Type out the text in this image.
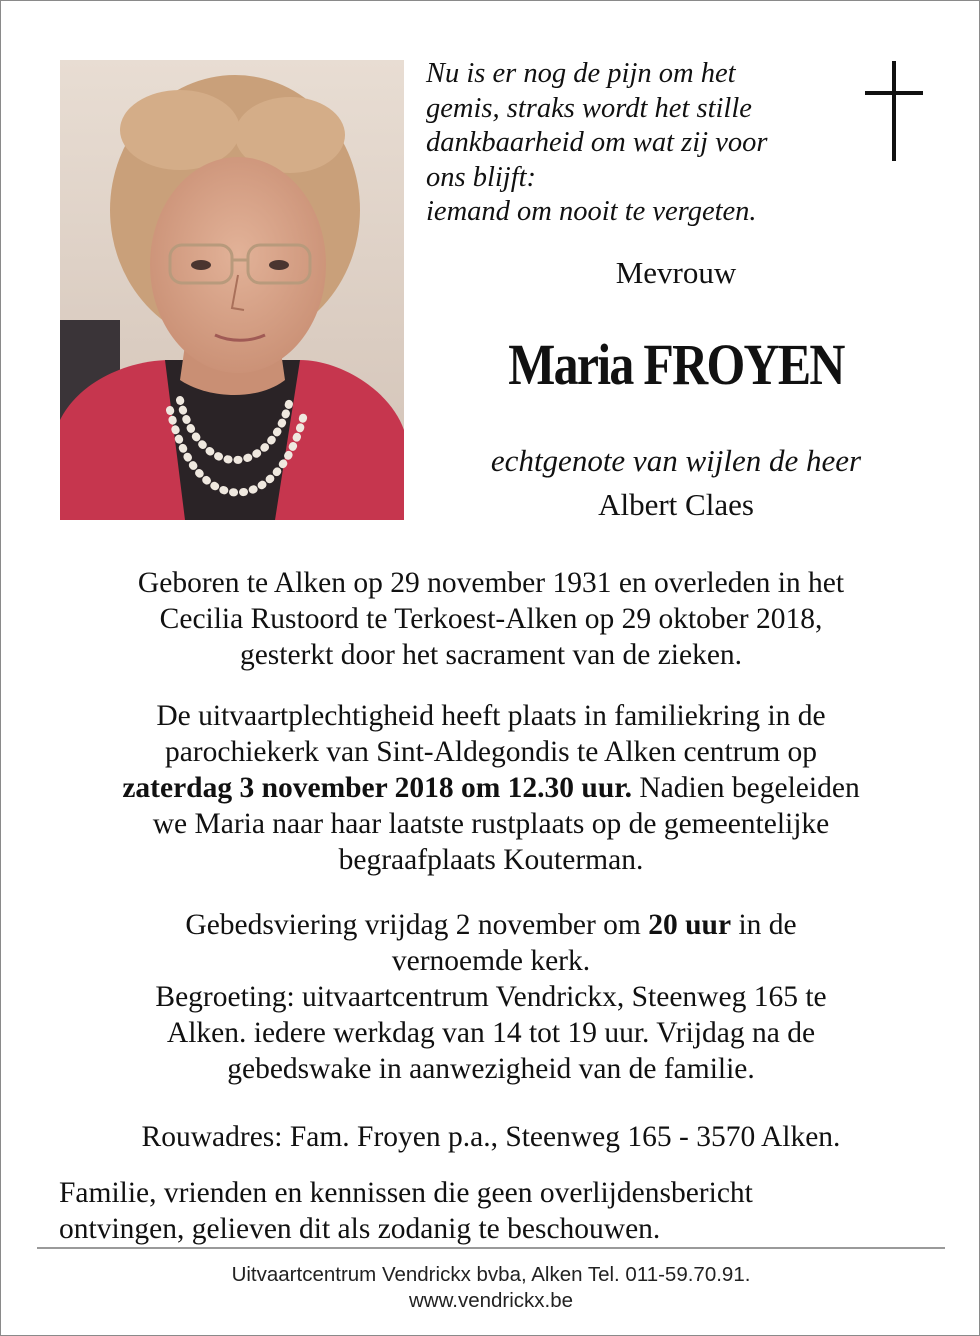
Nu is er nog de pijn om het
gemis, straks wordt het stille
dankbaarheid om wat zij voor
ons blijft:
iemand om nooit te vergeten.
Mevrouw
Maria FROYEN
echtgenote van wijlen de heer
Albert Claes
Geboren te Alken op 29 november 1931 en overleden in het
Cecilia Rustoord te Terkoest-Alken op 29 oktober 2018,
gesterkt door het sacrament van de zieken.
De uitvaartplechtigheid heeft plaats in familiekring in de
parochiekerk van Sint-Aldegondis te Alken centrum op
zaterdag 3 november 2018 om 12.30 uur. Nadien begeleiden
we Maria naar haar laatste rustplaats op de gemeentelijke
begraafplaats Kouterman.
Gebedsviering vrijdag 2 november om 20 uur in de
vernoemde kerk.
Begroeting: uitvaartcentrum Vendrickx, Steenweg 165 te
Alken. iedere werkdag van 14 tot 19 uur. Vrijdag na de
gebedswake in aanwezigheid van de familie.
Rouwadres: Fam. Froyen p.a., Steenweg 165 - 3570 Alken.
Familie, vrienden en kennissen die geen overlijdensbericht
ontvingen, gelieven dit als zodanig te beschouwen.
Uitvaartcentrum Vendrickx bvba, Alken Tel. 011-59.70.91.
www.vendrickx.be
